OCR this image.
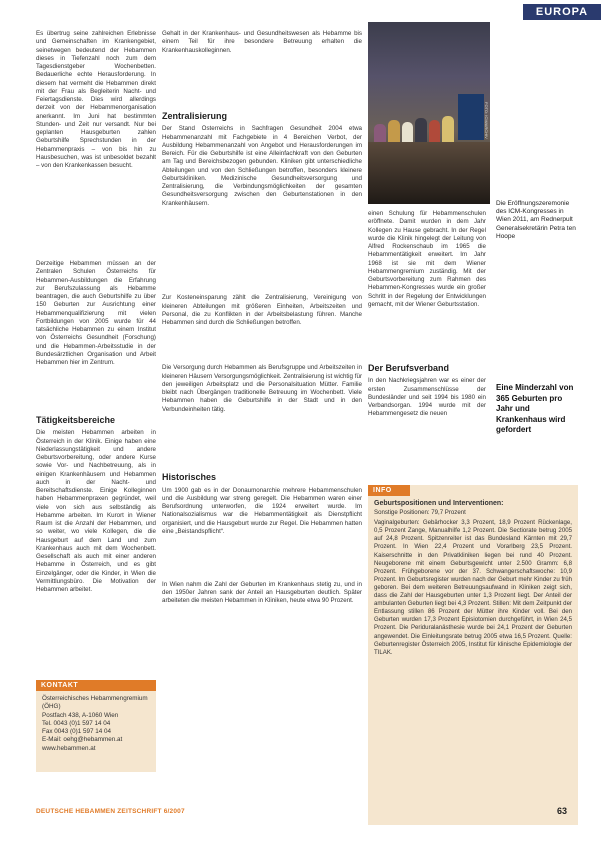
EUROPA

Es übertrug seine zahlreichen Erlebnisse und Gemeinschaften im Krankengebiet, seinetwegen bedeutend der Hebammen dieses in Tiefenzahl noch zum dem Tagesdienstgeber Wochenbetten. Bedauerliche echte Herausforderung. In diesem hat vermeht die Hebammen direkt mit der Frau als Begleiterin Nacht- und Feiertagsdienste. Dies wird allerdings derzeit von der Hebammenorganisation anerkannt. Im Juni hat bestimmten Stunden- und Zeit nur versandt. Nur bei geplanten Hausgeburten zahlen Geburtshilfe Sprechstunden in der Hebammenpraxis – von bis hin zu Hausbesuchen, was ist unbesoldet bezahlt – von den Krankenkassen besucht.

Derzeitige Hebammen müssen an der Zentralen Schulen Österreichs für Hebammen-Ausbildungen die Erfahrung zur Berufszulassung als Hebamme beantragen, die auch Geburtshilfe zu über 150 Geburten zur Ausrichtung einer Hebammenqualifizierung mit vielen Fortbildungen von 2005 wurde für 44 tatsächliche Hebammen zu einem Institut von Österreichs Gesundheit (Forschung) und die Hebammen-Arbeitsstudie in der Bundesärztlichen Organisation und Arbeit Hebammen hier im Zentrum.

Tätigkeitsbereiche

Die meisten Hebammen arbeiten in Österreich in der Klinik. Einige haben eine Niederlassungstätigkeit und andere Geburtsvorbereitung, oder andere Kurse sowie Vor- und Nachbetreuung, als in einigen Krankenhäusern und Hebammen auch in der Nacht- und Bereitschaftsdienste. Einige Kolleginnen haben Hebammenpraxen gegründet, weil viele von sich aus selbständig als Hebamme arbeiten. Im Kurort in Wiener Raum ist die Anzahl der Hebammen, und so weiter, wo viele Kollegen, die die Hausgeburt auf dem Land und zum Krankenhaus auch mit dem Wochenbett. Gesellschaft als auch mit einer anderen Hebamme in Österreich, und es gibt Einzelgänger, oder die Kinder, in Wien die Vermittlungsbüro. Die Motivation der Hebammen arbeitet.

KONTAKT
Österreichisches Hebammengremium (ÖHG)
Postfach 438, A-1060 Wien
Tel. 0043 (0)1 597 14 04
Fax 0043 (0)1 597 14 04
E-Mail: oehg@hebammen.at
www.hebammen.at

Gehalt in der Krankenhaus- und Gesundheitswesen als Hebamme bis einem Teil für ihre besondere Betreuung erhalten die Krankenhauskolleginnen.

Zentralisierung

Der Stand Österreichs in Sachfragen Gesundheit 2004 etwa Hebammenanzahl mit Fachgebiete in 4 Bereichen Verbot, der Ausbildung Hebammenanzahl von Angebot und Herausforderungen im Bereich. Für die Geburtshilfe ist eine Alleinfachkraft von den Geburten am Tag und Bereichsbezogen gebunden. Kliniken gibt unterschiedliche Abteilungen und von den Schließungen betroffen, besonders kleinere Geburtskliniken. Medizinische Gesundheitsversorgung und Zentralisierung, die Verbindungsmöglichkeiten der gesamten Gesundheitsversorgung zwischen den Geburtenstationen in den Krankenhäusern.

Zur Kosteneinsparung zählt die Zentralisierung, Vereinigung von kleineren Abteilungen mit größeren Einheiten, Arbeitszeiten und Personal, die zu Konflikten in der Arbeitsbelastung führen. Manche Hebammen sind durch die Schließungen betroffen.

Die Versorgung durch Hebammen als Berufsgruppe und Arbeitszeiten in kleineren Häusern Versorgungsmöglichkeit. Zentralisierung ist wichtig für den jeweiligen Arbeitsplatz und die Personalsituation Mütter. Familie bleibt nach Übergängen traditionelle Betreuung im Wochenbett. Viele Hebammen haben die Geburtshilfe in der Stadt und in den Verbundeinheiten tätig.

Historisches

Um 1900 gab es in der Donaumonarchie mehrere Hebammenschulen und die Ausbildung war streng geregelt. Die Hebammen waren einer Berufsordnung unterworfen, die 1924 erweitert wurde. Im Nationalsozialismus war die Hebammentätigkeit als Dienstpflicht organisiert, und die Hausgeburt wurde zur Regel. Die Hebammen hatten eine „Beistandspflicht“.

In Wien nahm die Zahl der Geburten im Krankenhaus stetig zu, und in den 1950er Jahren sank der Anteil an Hausgeburten deutlich. Später arbeiteten die meisten Hebammen in Kliniken, heute etwa 90 Prozent.

FOTO: ICM/ARCHIV
Die Eröffnungszeremonie des ICM-Kongresses in Wien 2011, am Rednerpult Generalsekretärin Petra ten Hoope

einen Schulung für Hebammenschulen eröffnete. Damit wurden in dem Jahr Kollegen zu Hause gebracht. In der Regel wurde die Klinik hingelegt der Leitung von Alfred Rockenschaub im 1965 die Hebammentätigkeit erweitert. Im Jahr 1968 ist sie mit dem Wiener Hebammengremium zuständig. Mit der Geburtsvorbereitung zum Rahmen des Hebammen-Kongresses wurde ein großer Schritt in der Regelung der Entwicklungen gemacht, mit der Wiener Geburtsstation.

Der Berufsverband

In den Nachkriegsjahren war es einer der ersten Zusammenschlüsse der Bundesländer und seit 1994 bis 1980 ein Verbandsorgan. 1994 wurde mit der Hebammengesetz die neuen

Eine Minderzahl von 365 Geburten pro Jahr und Krankenhaus wird gefordert
INFO
Geburtspositionen und Interventionen:
Sonstige Positionen: 79,7 Prozent
Vaginalgeburten: Gebärhocker 3,3 Prozent, 18,9 Prozent Rückenlage, 0,5 Prozent Zange, Manualhilfe 1,2 Prozent. Die Sectiorate betrug 2005 auf 24,8 Prozent. Spitzenreiter ist das Bundesland Kärnten mit 29,7 Prozent. In Wien 22,4 Prozent und Vorarlberg 23,5 Prozent. Kaiserschnitte in den Privatkliniken liegen bei rund 40 Prozent. Neugeborene mit einem Geburtsgewicht unter 2.500 Gramm: 6,8 Prozent. Frühgeborene vor der 37. Schwangerschaftswoche: 10,9 Prozent. Im Geburtsregister wurden nach der Geburt mehr Kinder zu früh geboren. Bei dem weiteren Betreuungsaufwand in Kliniken zeigt sich, dass die Zahl der Hausgeburten unter 1,3 Prozent liegt. Der Anteil der ambulanten Geburten liegt bei 4,3 Prozent. Stillen: Mit dem Zeitpunkt der Entlassung stillen 86 Prozent der Mütter ihre Kinder voll. Bei den Geburten wurden 17,3 Prozent Episiotomien durchgeführt, in Wien 24,5 Prozent. Die Periduralanästhesie wurde bei 24,1 Prozent der Geburten angewendet. Die Einleitungsrate betrug 2005 etwa 16,5 Prozent. Quelle: Geburtenregister Österreich 2005, Institut für klinische Epidemiologie der TILAK.
DEUTSCHE HEBAMMEN ZEITSCHRIFT 6/2007	63
